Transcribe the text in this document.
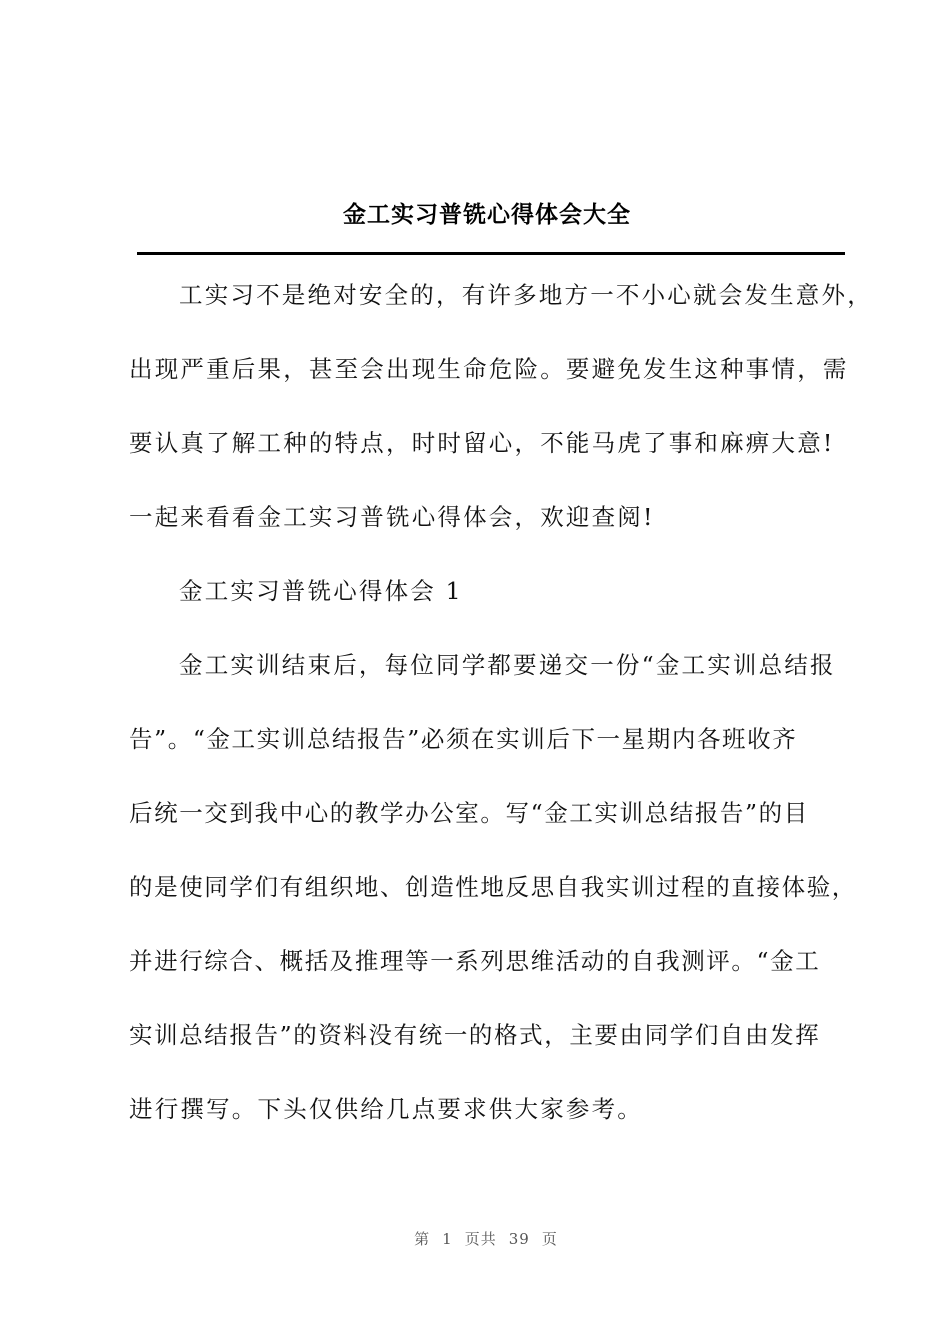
金工实习普铣心得体会大全
工实习不是绝对安全的，有许多地方一不小心就会发生意外，
出现严重后果，甚至会出现生命危险。要避免发生这种事情，需
要认真了解工种的特点，时时留心，不能马虎了事和麻痹大意!
一起来看看金工实习普铣心得体会，欢迎查阅!
金工实习普铣心得体会 1
金工实训结束后，每位同学都要递交一份“金工实训总结报
告”。“金工实训总结报告”必须在实训后下一星期内各班收齐
后统一交到我中心的教学办公室。写“金工实训总结报告”的目
的是使同学们有组织地、创造性地反思自我实训过程的直接体验，
并进行综合、概括及推理等一系列思维活动的自我测评。“金工
实训总结报告”的资料没有统一的格式，主要由同学们自由发挥
进行撰写。下头仅供给几点要求供大家参考。
第 1 页共 39 页
